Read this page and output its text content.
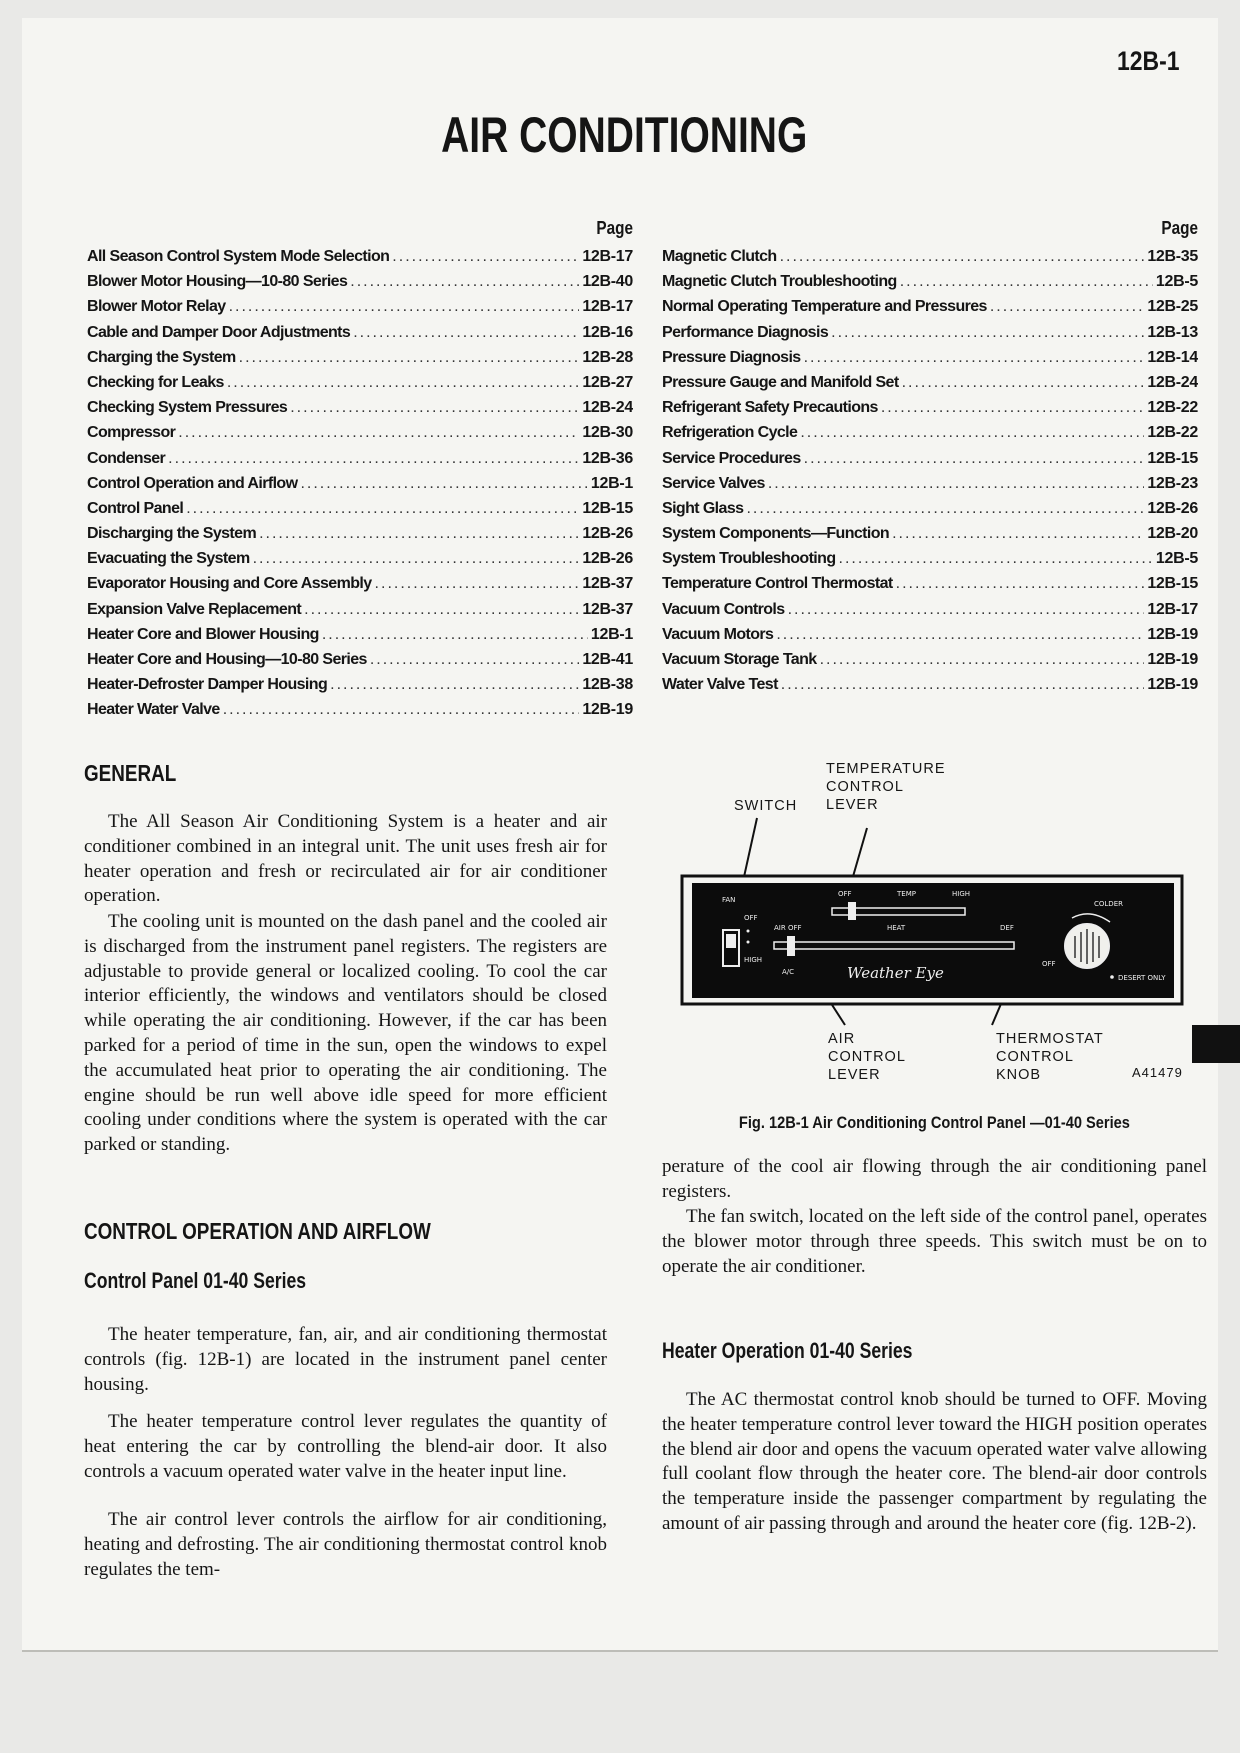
12B-1
AIR CONDITIONING
Page
All Season Control System Mode Selection .....	12B-17
Blower Motor Housing—10-80 Series .....	12B-40
Blower Motor Relay .....	12B-17
Cable and Damper Door Adjustments .....	12B-16
Charging the System .....	12B-28
Checking for Leaks .....	12B-27
Checking System Pressures .....	12B-24
Compressor .....	12B-30
Condenser .....	12B-36
Control Operation and Airflow .....	12B-1
Control Panel .....	12B-15
Discharging the System .....	12B-26
Evacuating the System .....	12B-26
Evaporator Housing and Core Assembly .....	12B-37
Expansion Valve Replacement .....	12B-37
Heater Core and Blower Housing .....	12B-1
Heater Core and Housing—10-80 Series .....	12B-41
Heater-Defroster Damper Housing .....	12B-38
Heater Water Valve .....	12B-19
Page
Magnetic Clutch .....	12B-35
Magnetic Clutch Troubleshooting .....	12B-5
Normal Operating Temperature and Pressures .....	12B-25
Performance Diagnosis .....	12B-13
Pressure Diagnosis .....	12B-14
Pressure Gauge and Manifold Set .....	12B-24
Refrigerant Safety Precautions .....	12B-22
Refrigeration Cycle .....	12B-22
Service Procedures .....	12B-15
Service Valves .....	12B-23
Sight Glass .....	12B-26
System Components—Function .....	12B-20
System Troubleshooting .....	12B-5
Temperature Control Thermostat .....	12B-15
Vacuum Controls .....	12B-17
Vacuum Motors .....	12B-19
Vacuum Storage Tank .....	12B-19
Water Valve Test .....	12B-19
GENERAL

The All Season Air Conditioning System is a heater and air conditioner combined in an integral unit. The unit uses fresh air for heater operation and fresh or recirculated air for air conditioner operation.

The cooling unit is mounted on the dash panel and the cooled air is discharged from the instrument panel registers. The registers are adjustable to provide general or localized cooling. To cool the car interior efficiently, the windows and ventilators should be closed while operating the air conditioning. However, if the car has been parked for a period of time in the sun, open the windows to expel the accumulated heat prior to operating the air conditioning. The engine should be run well above idle speed for more efficient cooling under conditions where the system is operated with the car parked or standing.

CONTROL OPERATION AND AIRFLOW
Control Panel 01-40 Series

The heater temperature, fan, air, and air conditioning thermostat controls (fig. 12B-1) are located in the instrument panel center housing.

The heater temperature control lever regulates the quantity of heat entering the car by controlling the blend-air door. It also controls a vacuum operated water valve in the heater input line.

The air control lever controls the airflow for air conditioning, heating and defrosting. The air conditioning thermostat control knob regulates the tem-

SWITCH
TEMPERATURE
CONTROL
LEVER
FAN
OFF
HIGH
OFF	TEMP	HIGH
AIR OFF	HEAT	DEF
A/C	Weather Eye
COLDER
OFF
DESERT ONLY
AIR
CONTROL
LEVER
THERMOSTAT
CONTROL
KNOB	A41479
Fig. 12B-1 Air Conditioning Control Panel —01-40 Series

perature of the cool air flowing through the air conditioning panel registers.

The fan switch, located on the left side of the control panel, operates the blower motor through three speeds. This switch must be on to operate the air conditioner.

Heater Operation 01-40 Series

The AC thermostat control knob should be turned to OFF. Moving the heater temperature control lever toward the HIGH position operates the blend air door and opens the vacuum operated water valve allowing full coolant flow through the heater core. The blend-air door controls the temperature inside the passenger compartment by regulating the amount of air passing through and around the heater core (fig. 12B-2).
